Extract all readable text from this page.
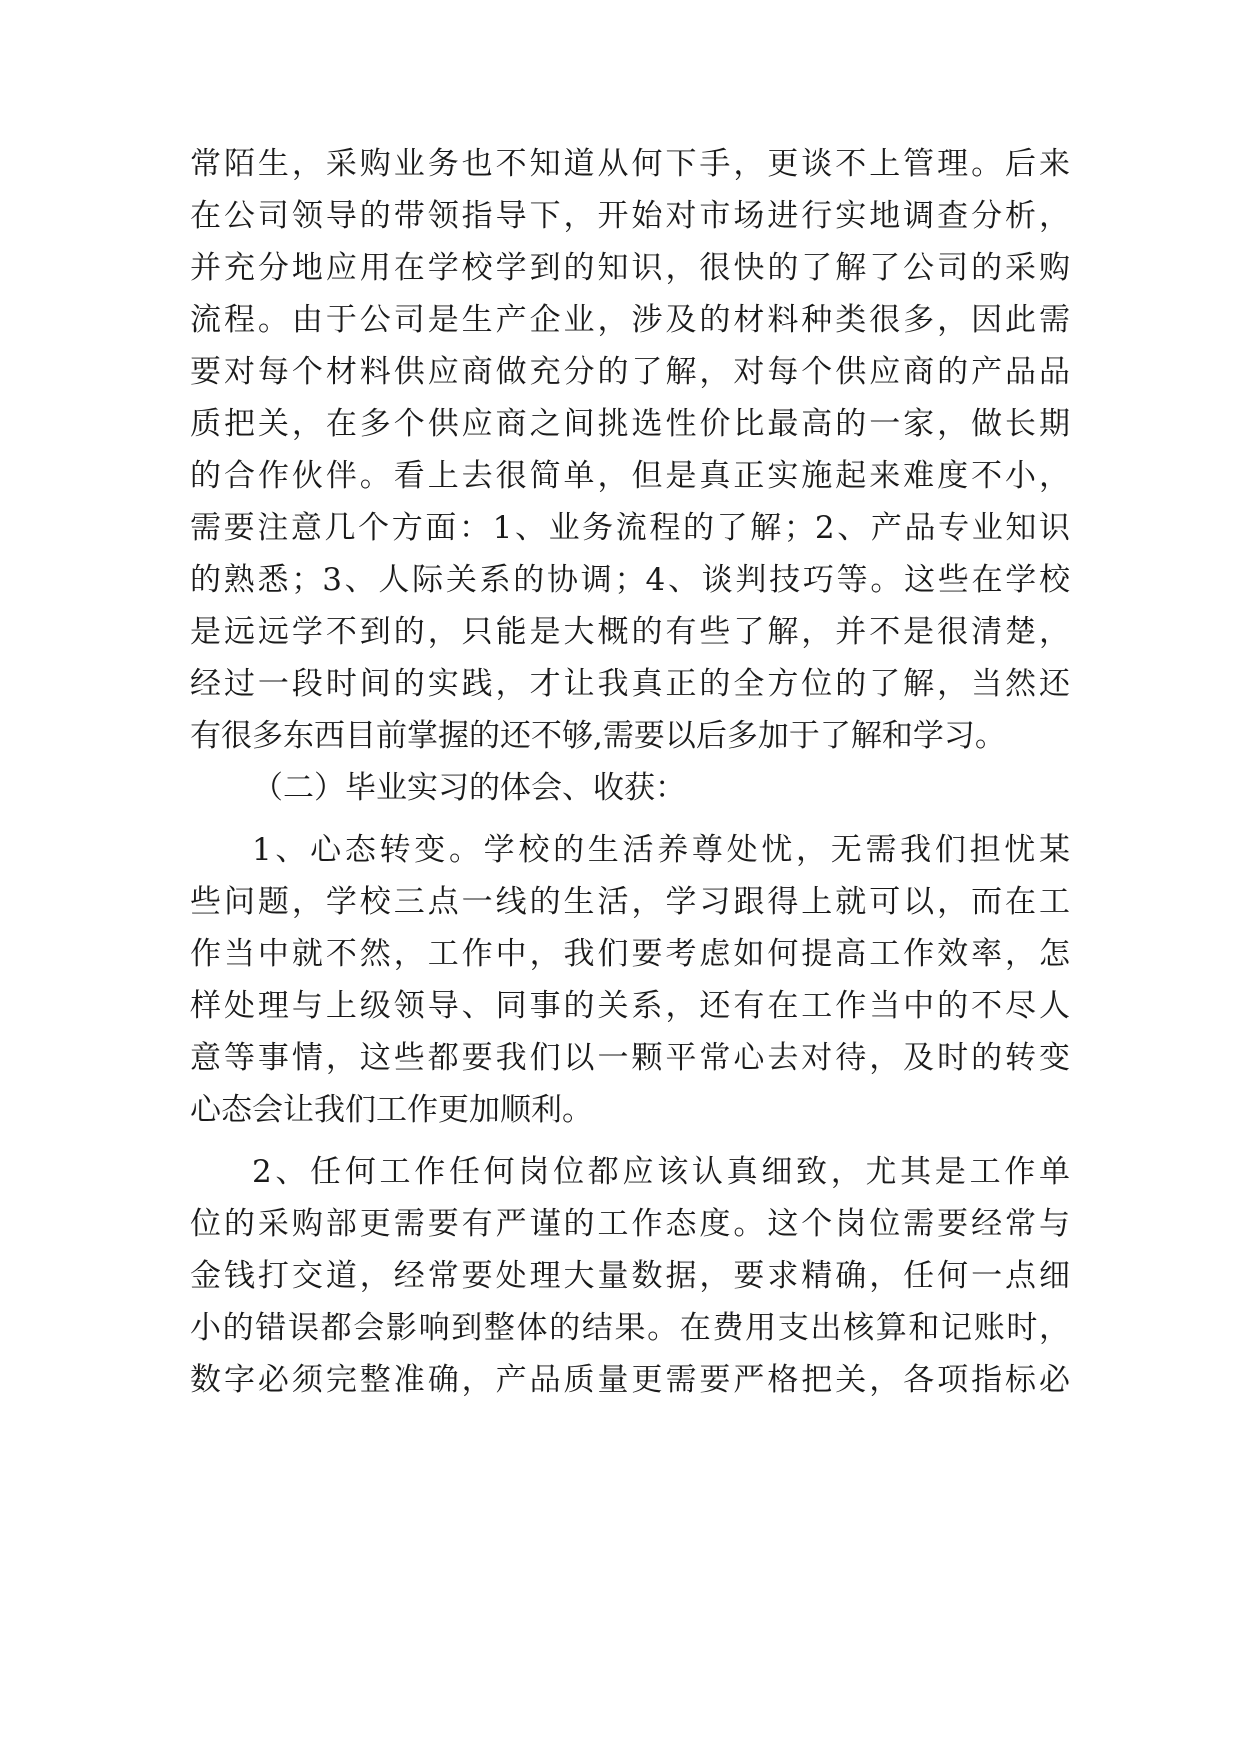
常陌生，采购业务也不知道从何下手，更谈不上管理。后来
在公司领导的带领指导下，开始对市场进行实地调查分析，
并充分地应用在学校学到的知识，很快的了解了公司的采购
流程。由于公司是生产企业，涉及的材料种类很多，因此需
要对每个材料供应商做充分的了解，对每个供应商的产品品
质把关，在多个供应商之间挑选性价比最高的一家，做长期
的合作伙伴。看上去很简单，但是真正实施起来难度不小，
需要注意几个方面：1、业务流程的了解；2、产品专业知识
的熟悉；3、人际关系的协调；4、谈判技巧等。这些在学校
是远远学不到的，只能是大概的有些了解，并不是很清楚，
经过一段时间的实践，才让我真正的全方位的了解，当然还
有很多东西目前掌握的还不够,需要以后多加于了解和学习。
（二）毕业实习的体会、收获：
1、心态转变。学校的生活养尊处忧，无需我们担忧某
些问题，学校三点一线的生活，学习跟得上就可以，而在工
作当中就不然，工作中，我们要考虑如何提高工作效率，怎
样处理与上级领导、同事的关系，还有在工作当中的不尽人
意等事情，这些都要我们以一颗平常心去对待，及时的转变
心态会让我们工作更加顺利。
2、任何工作任何岗位都应该认真细致，尤其是工作单
位的采购部更需要有严谨的工作态度。这个岗位需要经常与
金钱打交道，经常要处理大量数据，要求精确，任何一点细
小的错误都会影响到整体的结果。在费用支出核算和记账时，
数字必须完整准确，产品质量更需要严格把关，各项指标必
